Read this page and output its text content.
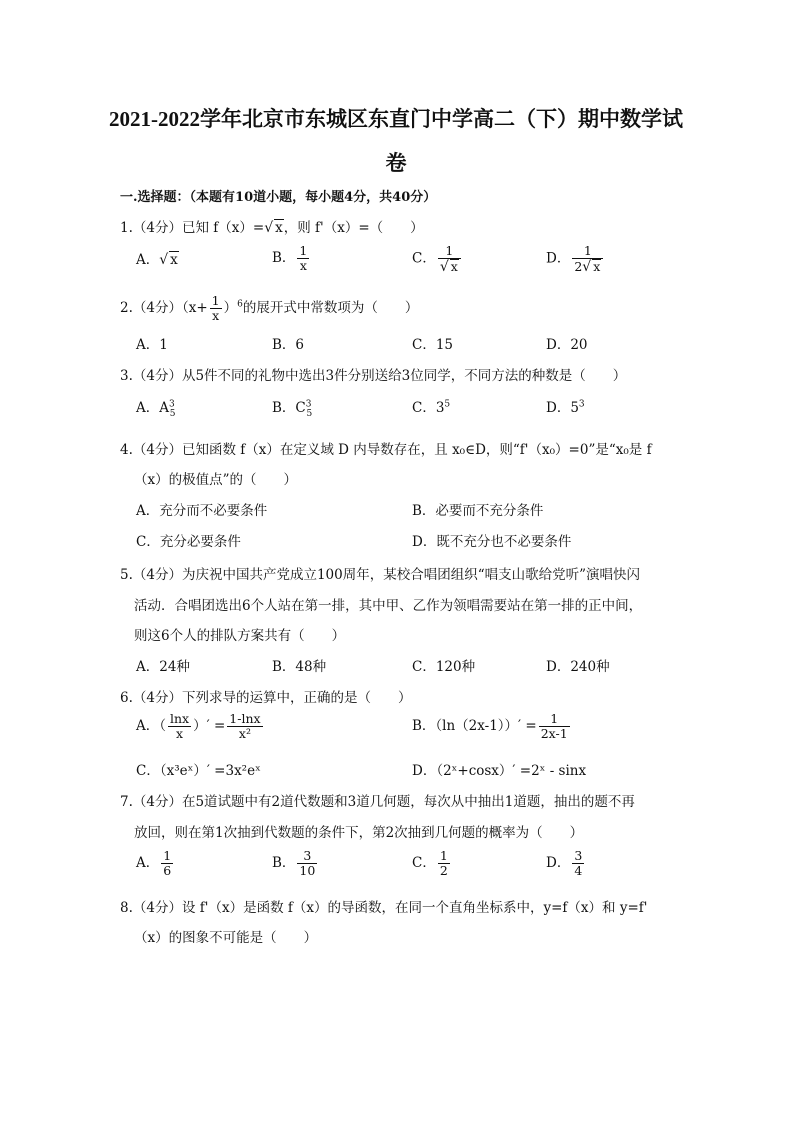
2021-2022学年北京市东城区东直门中学高二（下）期中数学试
卷
一.选择题：（本题有10道小题，每小题4分，共40分）
1.（4分）已知 f（x）=√ x，则 f'（x）=（　　）
A．√ x	B． $\frac{1}{x}$	C． $\frac{1}{√ x}$	D． $\frac{1}{2√ x}$
2.（4分）$(x+ \frac{1}{x} )^6$的展开式中常数项为（　　）
A．1	B．6	C．15	D．20
3.（4分）从5件不同的礼物中选出3件分别送给3位同学，不同方法的种数是（　　）
A．$A^3_5$	B．$C^3_5$	C．$3^5$	D．$5^3$
4.（4分）已知函数 f（x）在定义域 D 内导数存在，且 x₀∈D，则“f'（x₀）=0”是“x₀是 f
（x）的极值点”的（　　）
A．充分而不必要条件	B．必要而不充分条件
C．充分必要条件	D．既不充分也不必要条件
5.（4分）为庆祝中国共产党成立100周年，某校合唱团组织“唱支山歌给党听”演唱快闪
活动．合唱团选出6个人站在第一排，其中甲、乙作为领唱需要站在第一排的正中间，
则这6个人的排队方案共有（　　）
A．24种	B．48种	C．120种	D．240种
6.（4分）下列求导的运算中，正确的是（　　）
A．（ $\frac{\ln x}{x}$ ）′ = $\frac{1-\ln x}{\text{x²}}$	B．$(\ln(2x-1))' = \frac{1}{2x-1}$
C．（x³eˣ）′ =3x²eˣ	D．（2ˣ+cosx）′ =2ˣ - sinx
7.（4分）在5道试题中有2道代数题和3道几何题，每次从中抽出1道题，抽出的题不再
放回，则在第1次抽到代数题的条件下，第2次抽到几何题的概率为（　　）
A． $\frac{1}{6}$	B． $\frac{3}{10}$	C． $\frac{1}{2}$	D． $\frac{3}{4}$
8.（4分）设 f'（x）是函数 f（x）的导函数，在同一个直角坐标系中，y=f（x）和 y=f'
（x）的图象不可能是（　　）
